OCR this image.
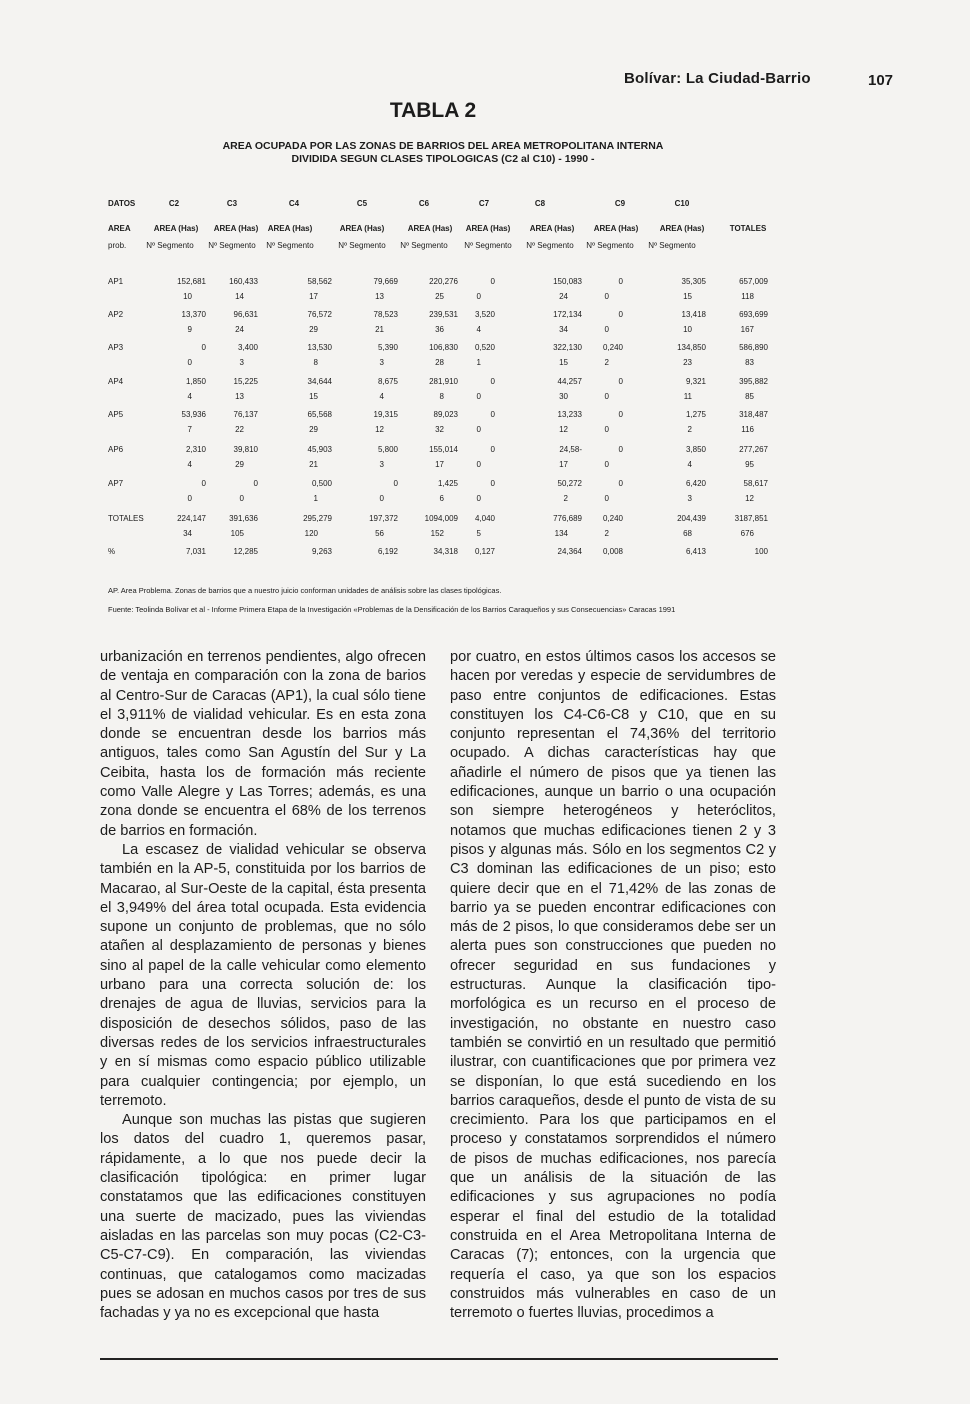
Bolívar: La Ciudad-Barrio	107
TABLA 2
AREA OCUPADA POR LAS ZONAS DE BARRIOS DEL AREA METROPOLITANA INTERNA
DIVIDIDA SEGUN CLASES TIPOLOGICAS (C2 al C10) - 1990 -
DATOS	C2	C3	C4	C5	C6	C7	C8	C9	C10
AREA	AREA (Has)	AREA (Has)	AREA (Has)	AREA (Has)	AREA (Has)	AREA (Has)	AREA (Has)	AREA (Has)	AREA (Has)	TOTALES
prob.	Nº Segmento	Nº Segmento	Nº Segmento	Nº Segmento	Nº Segmento	Nº Segmento	Nº Segmento	Nº Segmento	Nº Segmento
AP1	152,681	160,433	58,562	79,669	220,276	0	150,083	0	35,305	657,009
10	14	17	13	25	0	24	0	15	118
AP2	13,370	96,631	76,572	78,523	239,531	3,520	172,134	0	13,418	693,699
9	24	29	21	36	4	34	0	10	167
AP3	0	3,400	13,530	5,390	106,830	0,520	322,130	0,240	134,850	586,890
0	3	8	3	28	1	15	2	23	83
AP4	1,850	15,225	34,644	8,675	281,910	0	44,257	0	9,321	395,882
4	13	15	4	8	0	30	0	11	85
AP5	53,936	76,137	65,568	19,315	89,023	0	13,233	0	1,275	318,487
7	22	29	12	32	0	12	0	2	116
AP6	2,310	39,810	45,903	5,800	155,014	0	24,58-	0	3,850	277,267
4	29	21	3	17	0	17	0	4	95
AP7	0	0	0,500	0	1,425	0	50,272	0	6,420	58,617
0	0	1	0	6	0	2	0	3	12
TOTALES	224,147	391,636	295,279	197,372	1094,009	4,040	776,689	0,240	204,439	3187,851
34	105	120	56	152	5	134	2	68	676
%	7,031	12,285	9,263	6,192	34,318	0,127	24,364	0,008	6,413	100
AP. Area Problema. Zonas de barrios que a nuestro juicio conforman unidades de análisis sobre las clases tipológicas.
Fuente: Teolinda Bolívar et al - Informe Primera Etapa de la Investigación «Problemas de la Densificación de los Barrios Caraqueños y sus Consecuencias» Caracas 1991

urbanización en terrenos pendientes, algo ofrecen de ventaja en comparación con la zona de barios al Centro-Sur de Caracas (AP1), la cual sólo tiene el 3,911% de vialidad vehicular. Es en esta zona donde se encuentran desde los barrios más antiguos, tales como San Agustín del Sur y La Ceibita, hasta los de formación más reciente como Valle Alegre y Las Torres; además, es una zona donde se encuentra el 68% de los terrenos de barrios en formación.

La escasez de vialidad vehicular se observa también en la AP-5, constituida por los barrios de Macarao, al Sur-Oeste de la capital, ésta presenta el 3,949% del área total ocupada. Esta evidencia supone un conjunto de problemas, que no sólo atañen al desplazamiento de personas y bienes sino al papel de la calle vehicular como elemento urbano para una correcta solución de: los drenajes de agua de lluvias, servicios para la disposición de desechos sólidos, paso de las diversas redes de los servicios infraestructurales y en sí mismas como espacio público utilizable para cualquier contingencia; por ejemplo, un terremoto.

Aunque son muchas las pistas que sugieren los datos del cuadro 1, queremos pasar, rápidamente, a lo que nos puede decir la clasificación tipológica: en primer lugar constatamos que las edificaciones constituyen una suerte de macizado, pues las viviendas aisladas en las parcelas son muy pocas (C2-C3-C5-C7-C9). En comparación, las viviendas continuas, que catalogamos como macizadas pues se adosan en muchos casos por tres de sus fachadas y ya no es excepcional que hasta

por cuatro, en estos últimos casos los accesos se hacen por veredas y especie de servidumbres de paso entre conjuntos de edificaciones. Estas constituyen los C4-C6-C8 y C10, que en su conjunto representan el 74,36% del territorio ocupado. A dichas características hay que añadirle el número de pisos que ya tienen las edificaciones, aunque un barrio o una ocupación son siempre heterogéneos y heteróclitos, notamos que muchas edificaciones tienen 2 y 3 pisos y algunas más. Sólo en los segmentos C2 y C3 dominan las edificaciones de un piso; esto quiere decir que en el 71,42% de las zonas de barrio ya se pueden encontrar edificaciones con más de 2 pisos, lo que consideramos debe ser un alerta pues son construcciones que pueden no ofrecer seguridad en sus fundaciones y estructuras. Aunque la clasificación tipo-morfológica es un recurso en el proceso de investigación, no obstante en nuestro caso también se convirtió en un resultado que permitió ilustrar, con cuantificaciones que por primera vez se disponían, lo que está sucediendo en los barrios caraqueños, desde el punto de vista de su crecimiento. Para los que participamos en el proceso y constatamos sorprendidos el número de pisos de muchas edificaciones, nos parecía que un análisis de la situación de las edificaciones y sus agrupaciones no podía esperar el final del estudio de la totalidad construida en el Area Metropolitana Interna de Caracas (7); entonces, con la urgencia que requería el caso, ya que son los espacios construidos más vulnerables en caso de un terremoto o fuertes lluvias, procedimos a
